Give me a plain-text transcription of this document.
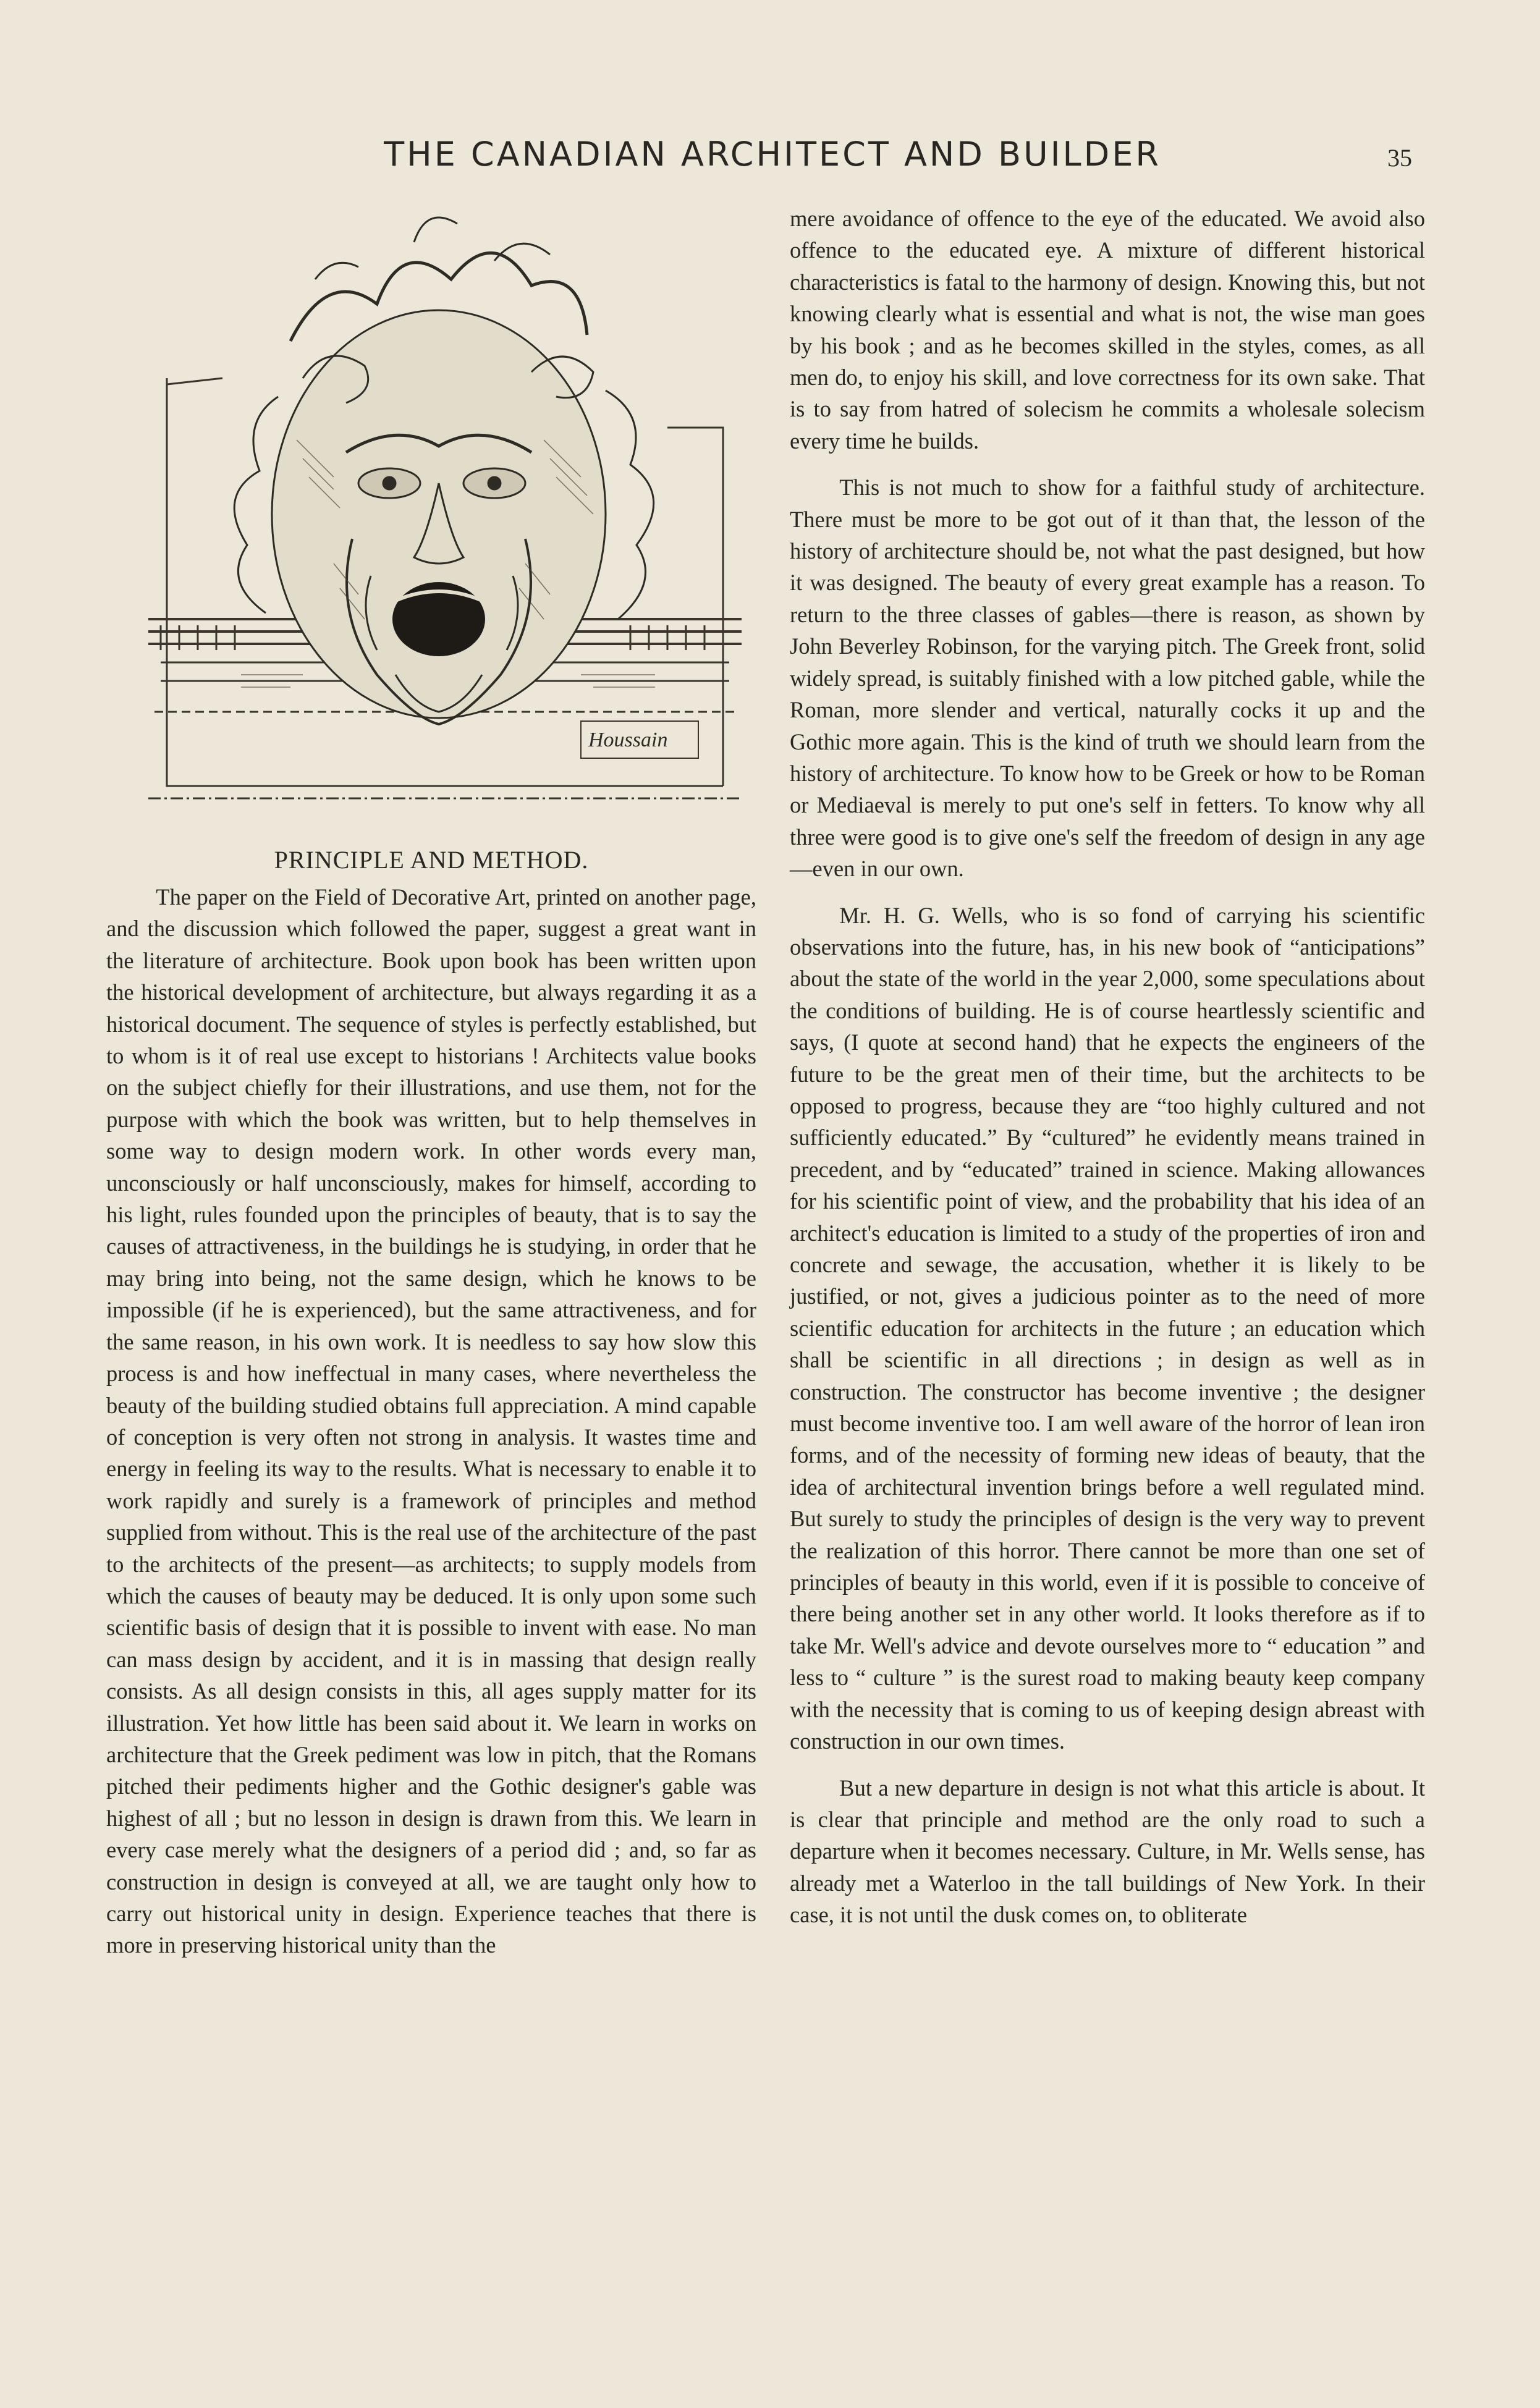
THE CANADIAN ARCHITECT AND BUILDER	35
Houssain
PRINCIPLE AND METHOD.

The paper on the Field of Decorative Art, printed on another page, and the discussion which followed the paper, suggest a great want in the literature of architecture. Book upon book has been written upon the historical development of architecture, but always regarding it as a historical document. The sequence of styles is perfectly established, but to whom is it of real use except to historians ! Architects value books on the subject chiefly for their illustrations, and use them, not for the purpose with which the book was written, but to help themselves in some way to design modern work. In other words every man, unconsciously or half unconsciously, makes for himself, according to his light, rules founded upon the principles of beauty, that is to say the causes of attractiveness, in the buildings he is studying, in order that he may bring into being, not the same design, which he knows to be impossible (if he is experienced), but the same attractiveness, and for the same reason, in his own work. It is needless to say how slow this process is and how ineffectual in many cases, where nevertheless the beauty of the building studied obtains full appreciation. A mind capable of conception is very often not strong in analysis. It wastes time and energy in feeling its way to the results. What is necessary to enable it to work rapidly and surely is a framework of principles and method supplied from without. This is the real use of the architecture of the past to the architects of the present—as architects; to supply models from which the causes of beauty may be deduced. It is only upon some such scientific basis of design that it is possible to invent with ease. No man can mass design by accident, and it is in massing that design really consists. As all design consists in this, all ages supply matter for its illustration. Yet how little has been said about it. We learn in works on architecture that the Greek pediment was low in pitch, that the Romans pitched their pediments higher and the Gothic designer's gable was highest of all ; but no lesson in design is drawn from this. We learn in every case merely what the designers of a period did ; and, so far as construction in design is conveyed at all, we are taught only how to carry out historical unity in design. Experience teaches that there is more in preserving historical unity than the

mere avoidance of offence to the eye of the educated. We avoid also offence to the educated eye. A mixture of different historical characteristics is fatal to the harmony of design. Knowing this, but not knowing clearly what is essential and what is not, the wise man goes by his book ; and as he becomes skilled in the styles, comes, as all men do, to enjoy his skill, and love correctness for its own sake. That is to say from hatred of solecism he commits a wholesale solecism every time he builds.

This is not much to show for a faithful study of architecture. There must be more to be got out of it than that, the lesson of the history of architecture should be, not what the past designed, but how it was designed. The beauty of every great example has a reason. To return to the three classes of gables—there is reason, as shown by John Beverley Robinson, for the varying pitch. The Greek front, solid widely spread, is suitably finished with a low pitched gable, while the Roman, more slender and vertical, naturally cocks it up and the Gothic more again. This is the kind of truth we should learn from the history of architecture. To know how to be Greek or how to be Roman or Mediaeval is merely to put one's self in fetters. To know why all three were good is to give one's self the freedom of design in any age—even in our own.

Mr. H. G. Wells, who is so fond of carrying his scientific observations into the future, has, in his new book of “anticipations” about the state of the world in the year 2,000, some speculations about the conditions of building. He is of course heartlessly scientific and says, (I quote at second hand) that he expects the engineers of the future to be the great men of their time, but the architects to be opposed to progress, because they are “too highly cultured and not sufficiently educated.” By “cultured” he evidently means trained in precedent, and by “educated” trained in science. Making allowances for his scientific point of view, and the probability that his idea of an architect's education is limited to a study of the properties of iron and concrete and sewage, the accusation, whether it is likely to be justified, or not, gives a judicious pointer as to the need of more scientific education for architects in the future ; an education which shall be scientific in all directions ; in design as well as in construction. The constructor has become inventive ; the designer must become inventive too. I am well aware of the horror of lean iron forms, and of the necessity of forming new ideas of beauty, that the idea of architectural invention brings before a well regulated mind. But surely to study the principles of design is the very way to prevent the realization of this horror. There cannot be more than one set of principles of beauty in this world, even if it is possible to conceive of there being another set in any other world. It looks therefore as if to take Mr. Well's advice and devote ourselves more to “ education ” and less to “ culture ” is the surest road to making beauty keep company with the necessity that is coming to us of keeping design abreast with construction in our own times.

But a new departure in design is not what this article is about. It is clear that principle and method are the only road to such a departure when it becomes necessary. Culture, in Mr. Wells sense, has already met a Waterloo in the tall buildings of New York. In their case, it is not until the dusk comes on, to obliterate
